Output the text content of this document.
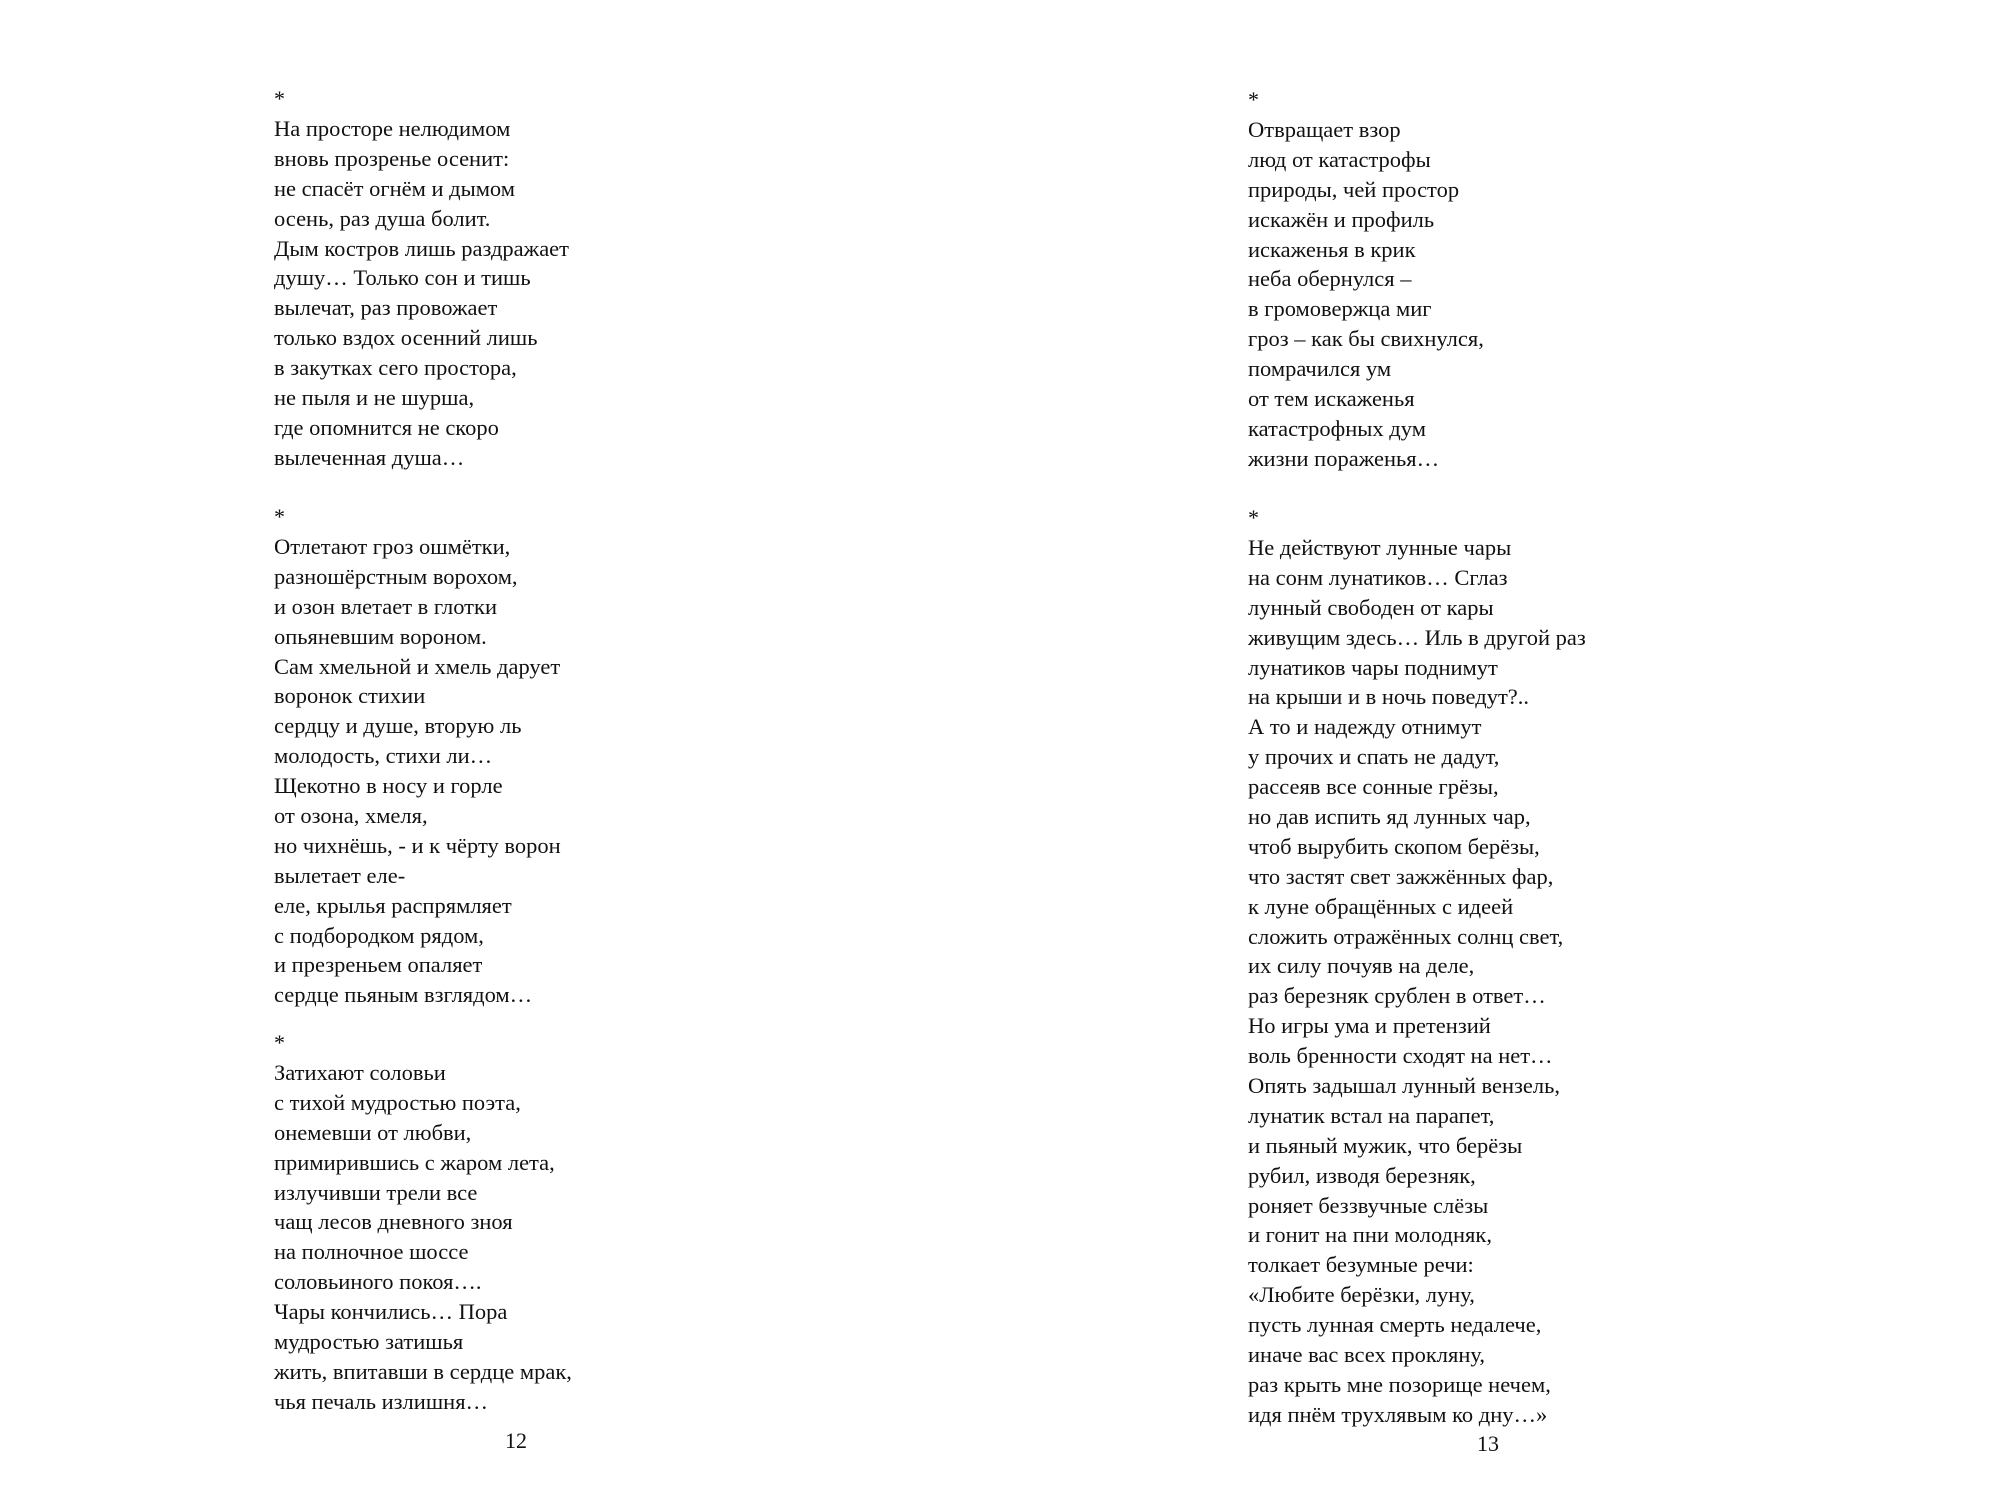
*
На просторе нелюдимом
вновь прозренье осенит:
не спасёт огнём и дымом
осень, раз душа болит.
Дым костров лишь раздражает
душу… Только сон и тишь
вылечат, раз провожает
только вздох осенний лишь
в закутках сего простора,
не пыля и не шурша,
где опомнится не скоро
вылеченная душа…
*
Отлетают гроз ошмётки,
разношёрстным ворохом,
и озон влетает в глотки
опьяневшим вороном.
Сам хмельной и хмель дарует
воронок стихии
сердцу и душе, вторую ль
молодость, стихи ли…
Щекотно в носу и горле
от озона, хмеля,
но чихнёшь, - и к чёрту ворон
вылетает еле-
еле, крылья распрямляет
с подбородком рядом,
и презреньем опаляет
сердце пьяным взглядом…
*
Затихают соловьи
с тихой мудростью поэта,
онемевши от любви,
примирившись с жаром лета,
излучивши трели все
чащ лесов дневного зноя
на полночное шоссе
соловьиного покоя….
Чары кончились… Пора
мудростью затишья
жить, впитавши в сердце мрак,
чья печаль излишня…
12
*
Отвращает взор
люд от катастрофы
природы, чей простор
искажён и профиль
искаженья в крик
неба обернулся –
в громовержца миг
гроз – как бы свихнулся,
помрачился ум
от тем искаженья
катастрофных дум
жизни пораженья…
*
Не действуют лунные чары
на сонм лунатиков… Сглаз
лунный свободен от кары
живущим здесь… Иль в другой раз
лунатиков чары поднимут
на крыши и в ночь поведут?..
А то и надежду отнимут
у прочих и спать не дадут,
рассеяв все сонные грёзы,
но дав испить яд лунных чар,
чтоб вырубить скопом берёзы,
что застят свет зажжённых фар,
к луне обращённых с идеей
сложить отражённых солнц свет,
их силу почуяв на деле,
раз березняк срублен в ответ…
Но игры ума и претензий
воль бренности сходят на нет…
Опять задышал лунный вензель,
лунатик встал на парапет,
и пьяный мужик, что берёзы
рубил, изводя березняк,
роняет беззвучные слёзы
и гонит на пни молодняк,
толкает безумные речи:
«Любите берёзки, луну,
пусть лунная смерть недалече,
иначе вас всех прокляну,
раз крыть мне позорище нечем,
идя пнём трухлявым ко дну…»
13
